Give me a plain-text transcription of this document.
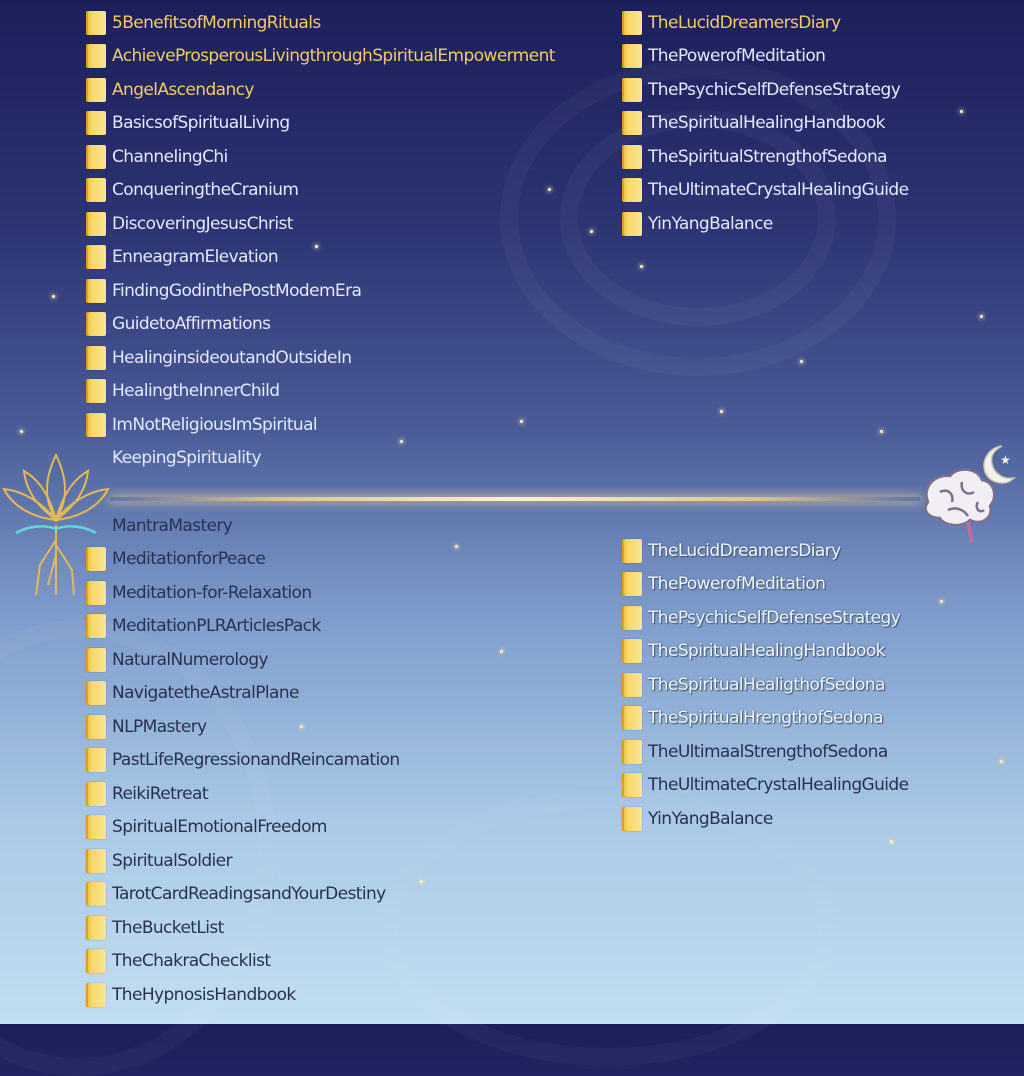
★
5BenefitsofMorningRituals
AchieveProsperousLivingthroughSpiritualEmpowerment
AngelAscendancy
BasicsofSpiritualLiving
ChannelingChi
ConqueringtheCranium
DiscoveringJesusChrist
EnneagramElevation
FindingGodinthePostModemEra
GuidetoAffirmations
HealinginsideoutandOutsideIn
HealingtheInnerChild
ImNotReligiousImSpiritual
KeepingSpirituality
TheLucidDreamersDiary
ThePowerofMeditation
ThePsychicSelfDefenseStrategy
TheSpiritualHealingHandbook
TheSpiritualStrengthofSedona
TheUltimateCrystalHealingGuide
YinYangBalance
MantraMastery
MeditationforPeace
Meditation-for-Relaxation
MeditationPLRArticlesPack
NaturalNumerology
NavigatetheAstralPlane
NLPMastery
PastLifeRegressionandReincamation
ReikiRetreat
SpiritualEmotionalFreedom
SpiritualSoldier
TarotCardReadingsandYourDestiny
TheBucketList
TheChakraChecklist
TheHypnosisHandbook
TheLucidDreamersDiary
ThePowerofMeditation
ThePsychicSelfDefenseStrategy
TheSpiritualHealingHandbook
TheSpiritualHealigthofSedona
TheSpiritualHrengthofSedona
TheUltimaalStrengthofSedona
TheUltimateCrystalHealingGuide
YinYangBalance
